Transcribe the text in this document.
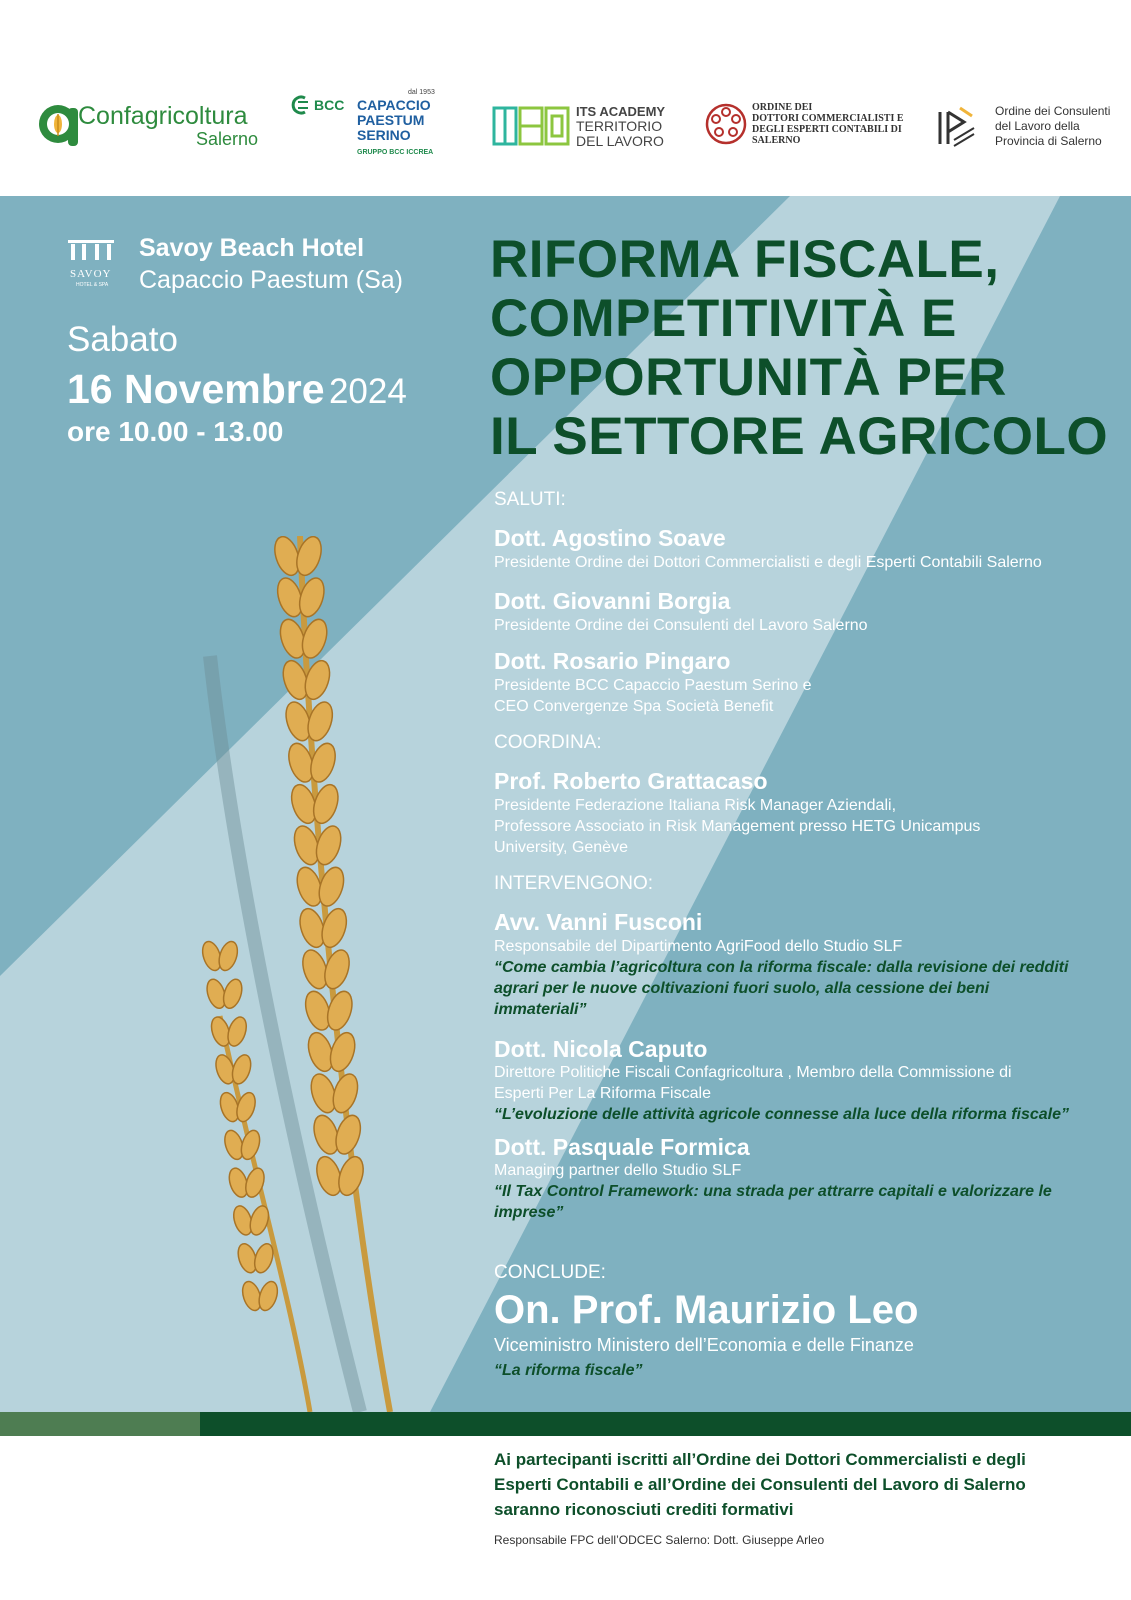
Confagricoltura
Salerno
BCC
dal 1953
CAPACCIO
PAESTUM
SERINO
GRUPPO BCC ICCREA
ITS ACADEMY
TERRITORIO
DEL LAVORO
ORDINE DEI
DOTTORI COMMERCIALISTI E
DEGLI ESPERTI CONTABILI DI
SALERNO
Ordine dei Consulenti
del Lavoro della
Provincia di Salerno
SAVOY
HOTEL & SPA
Savoy Beach Hotel
Capaccio Paestum (Sa)
Sabato
16 Novembre 2024
ore 10.00 - 13.00
RIFORMA FISCALE,
COMPETITIVITÀ E
OPPORTUNITÀ PER
IL SETTORE AGRICOLO
SALUTI:
Dott. Agostino Soave
Presidente Ordine dei Dottori Commercialisti e degli Esperti Contabili Salerno
Dott. Giovanni Borgia
Presidente Ordine dei Consulenti del Lavoro Salerno
Dott. Rosario Pingaro
Presidente BCC Capaccio Paestum Serino e
CEO Convergenze Spa Società Benefit
COORDINA:
Prof. Roberto Grattacaso
Presidente Federazione Italiana Risk Manager Aziendali,
Professore Associato in Risk Management presso HETG Unicampus
University, Genève
INTERVENGONO:
Avv. Vanni Fusconi
Responsabile del Dipartimento AgriFood dello Studio SLF
“Come cambia l’agricoltura con la riforma fiscale: dalla revisione dei redditi
agrari per le nuove coltivazioni fuori suolo, alla cessione dei beni
immateriali”
Dott. Nicola Caputo
Direttore Politiche Fiscali Confagricoltura , Membro della Commissione di
Esperti Per La Riforma Fiscale
“L’evoluzione delle attività agricole connesse alla luce della riforma fiscale”
Dott. Pasquale Formica
Managing partner dello Studio SLF
“Il Tax Control Framework: una strada per attrarre capitali e valorizzare le
imprese”
CONCLUDE:
On. Prof. Maurizio Leo
Viceministro Ministero dell’Economia e delle Finanze
“La riforma fiscale”
Ai partecipanti iscritti all’Ordine dei Dottori Commercialisti e degli
Esperti Contabili e all’Ordine dei Consulenti del Lavoro di Salerno
saranno riconosciuti crediti formativi
Responsabile FPC dell’ODCEC Salerno: Dott. Giuseppe Arleo
